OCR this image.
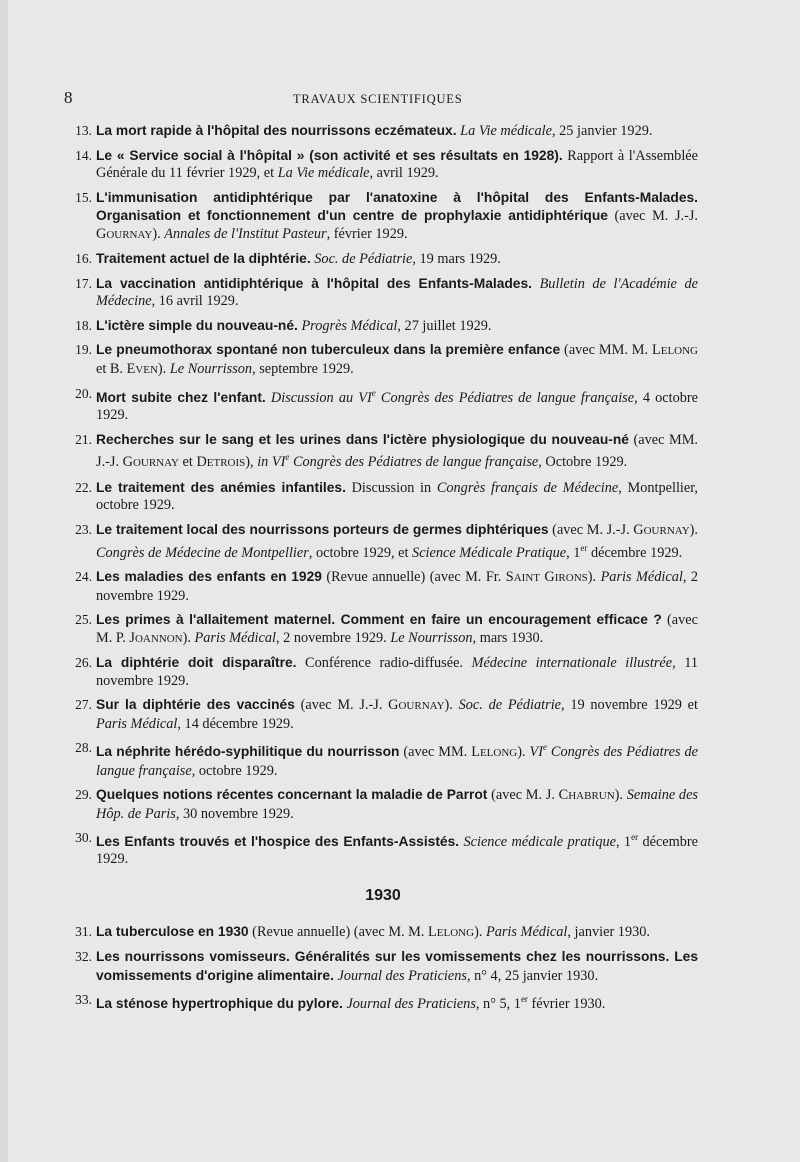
8	TRAVAUX SCIENTIFIQUES
13. La mort rapide à l'hôpital des nourrissons eczémateux. La Vie médicale, 25 janvier 1929.
14. Le « Service social à l'hôpital » (son activité et ses résultats en 1928). Rapport à l'Assemblée Générale du 11 février 1929, et La Vie médicale, avril 1929.
15. L'immunisation antidiphtérique par l'anatoxine à l'hôpital des Enfants-Malades. Organisation et fonctionnement d'un centre de prophylaxie antidiphtérique (avec M. J.-J. GOURNAY). Annales de l'Institut Pasteur, février 1929.
16. Traitement actuel de la diphtérie. Soc. de Pédiatrie, 19 mars 1929.
17. La vaccination antidiphtérique à l'hôpital des Enfants-Malades. Bulletin de l'Académie de Médecine, 16 avril 1929.
18. L'ictère simple du nouveau-né. Progrès Médical, 27 juillet 1929.
19. Le pneumothorax spontané non tuberculeux dans la première enfance (avec MM. M. LELONG et B. EVEN). Le Nourrisson, septembre 1929.
20. Mort subite chez l'enfant. Discussion au VIe Congrès des Pédiatres de langue française, 4 octobre 1929.
21. Recherches sur le sang et les urines dans l'ictère physiologique du nouveau-né (avec MM. J.-J. GOURNAY et DETROIS), in VIe Congrès des Pédiatres de langue française, Octobre 1929.
22. Le traitement des anémies infantiles. Discussion in Congrès français de Médecine, Montpellier, octobre 1929.
23. Le traitement local des nourrissons porteurs de germes diphtériques (avec M. J.-J. GOURNAY). Congrès de Médecine de Montpellier, octobre 1929, et Science Médicale Pratique, 1er décembre 1929.
24. Les maladies des enfants en 1929 (Revue annuelle) (avec M. Fr. SAINT GIRONS). Paris Médical, 2 novembre 1929.
25. Les primes à l'allaitement maternel. Comment en faire un encouragement efficace ? (avec M. P. JOANNON). Paris Médical, 2 novembre 1929. Le Nourrisson, mars 1930.
26. La diphtérie doit disparaître. Conférence radio-diffusée. Médecine internationale illustrée, 11 novembre 1929.
27. Sur la diphtérie des vaccinés (avec M. J.-J. GOURNAY). Soc. de Pédiatrie, 19 novembre 1929 et Paris Médical, 14 décembre 1929.
28. La néphrite hérédo-syphilitique du nourrisson (avec MM. LELONG). VIe Congrès des Pédiatres de langue française, octobre 1929.
29. Quelques notions récentes concernant la maladie de Parrot (avec M. J. CHABRUN). Semaine des Hôp. de Paris, 30 novembre 1929.
30. Les Enfants trouvés et l'hospice des Enfants-Assistés. Science médicale pratique, 1er décembre 1929.
1930
31. La tuberculose en 1930 (Revue annuelle) (avec M. M. LELONG). Paris Médical, janvier 1930.
32. Les nourrissons vomisseurs. Généralités sur les vomissements chez les nourrissons. Les vomissements d'origine alimentaire. Journal des Praticiens, n° 4, 25 janvier 1930.
33. La sténose hypertrophique du pylore. Journal des Praticiens, n° 5, 1er février 1930.
